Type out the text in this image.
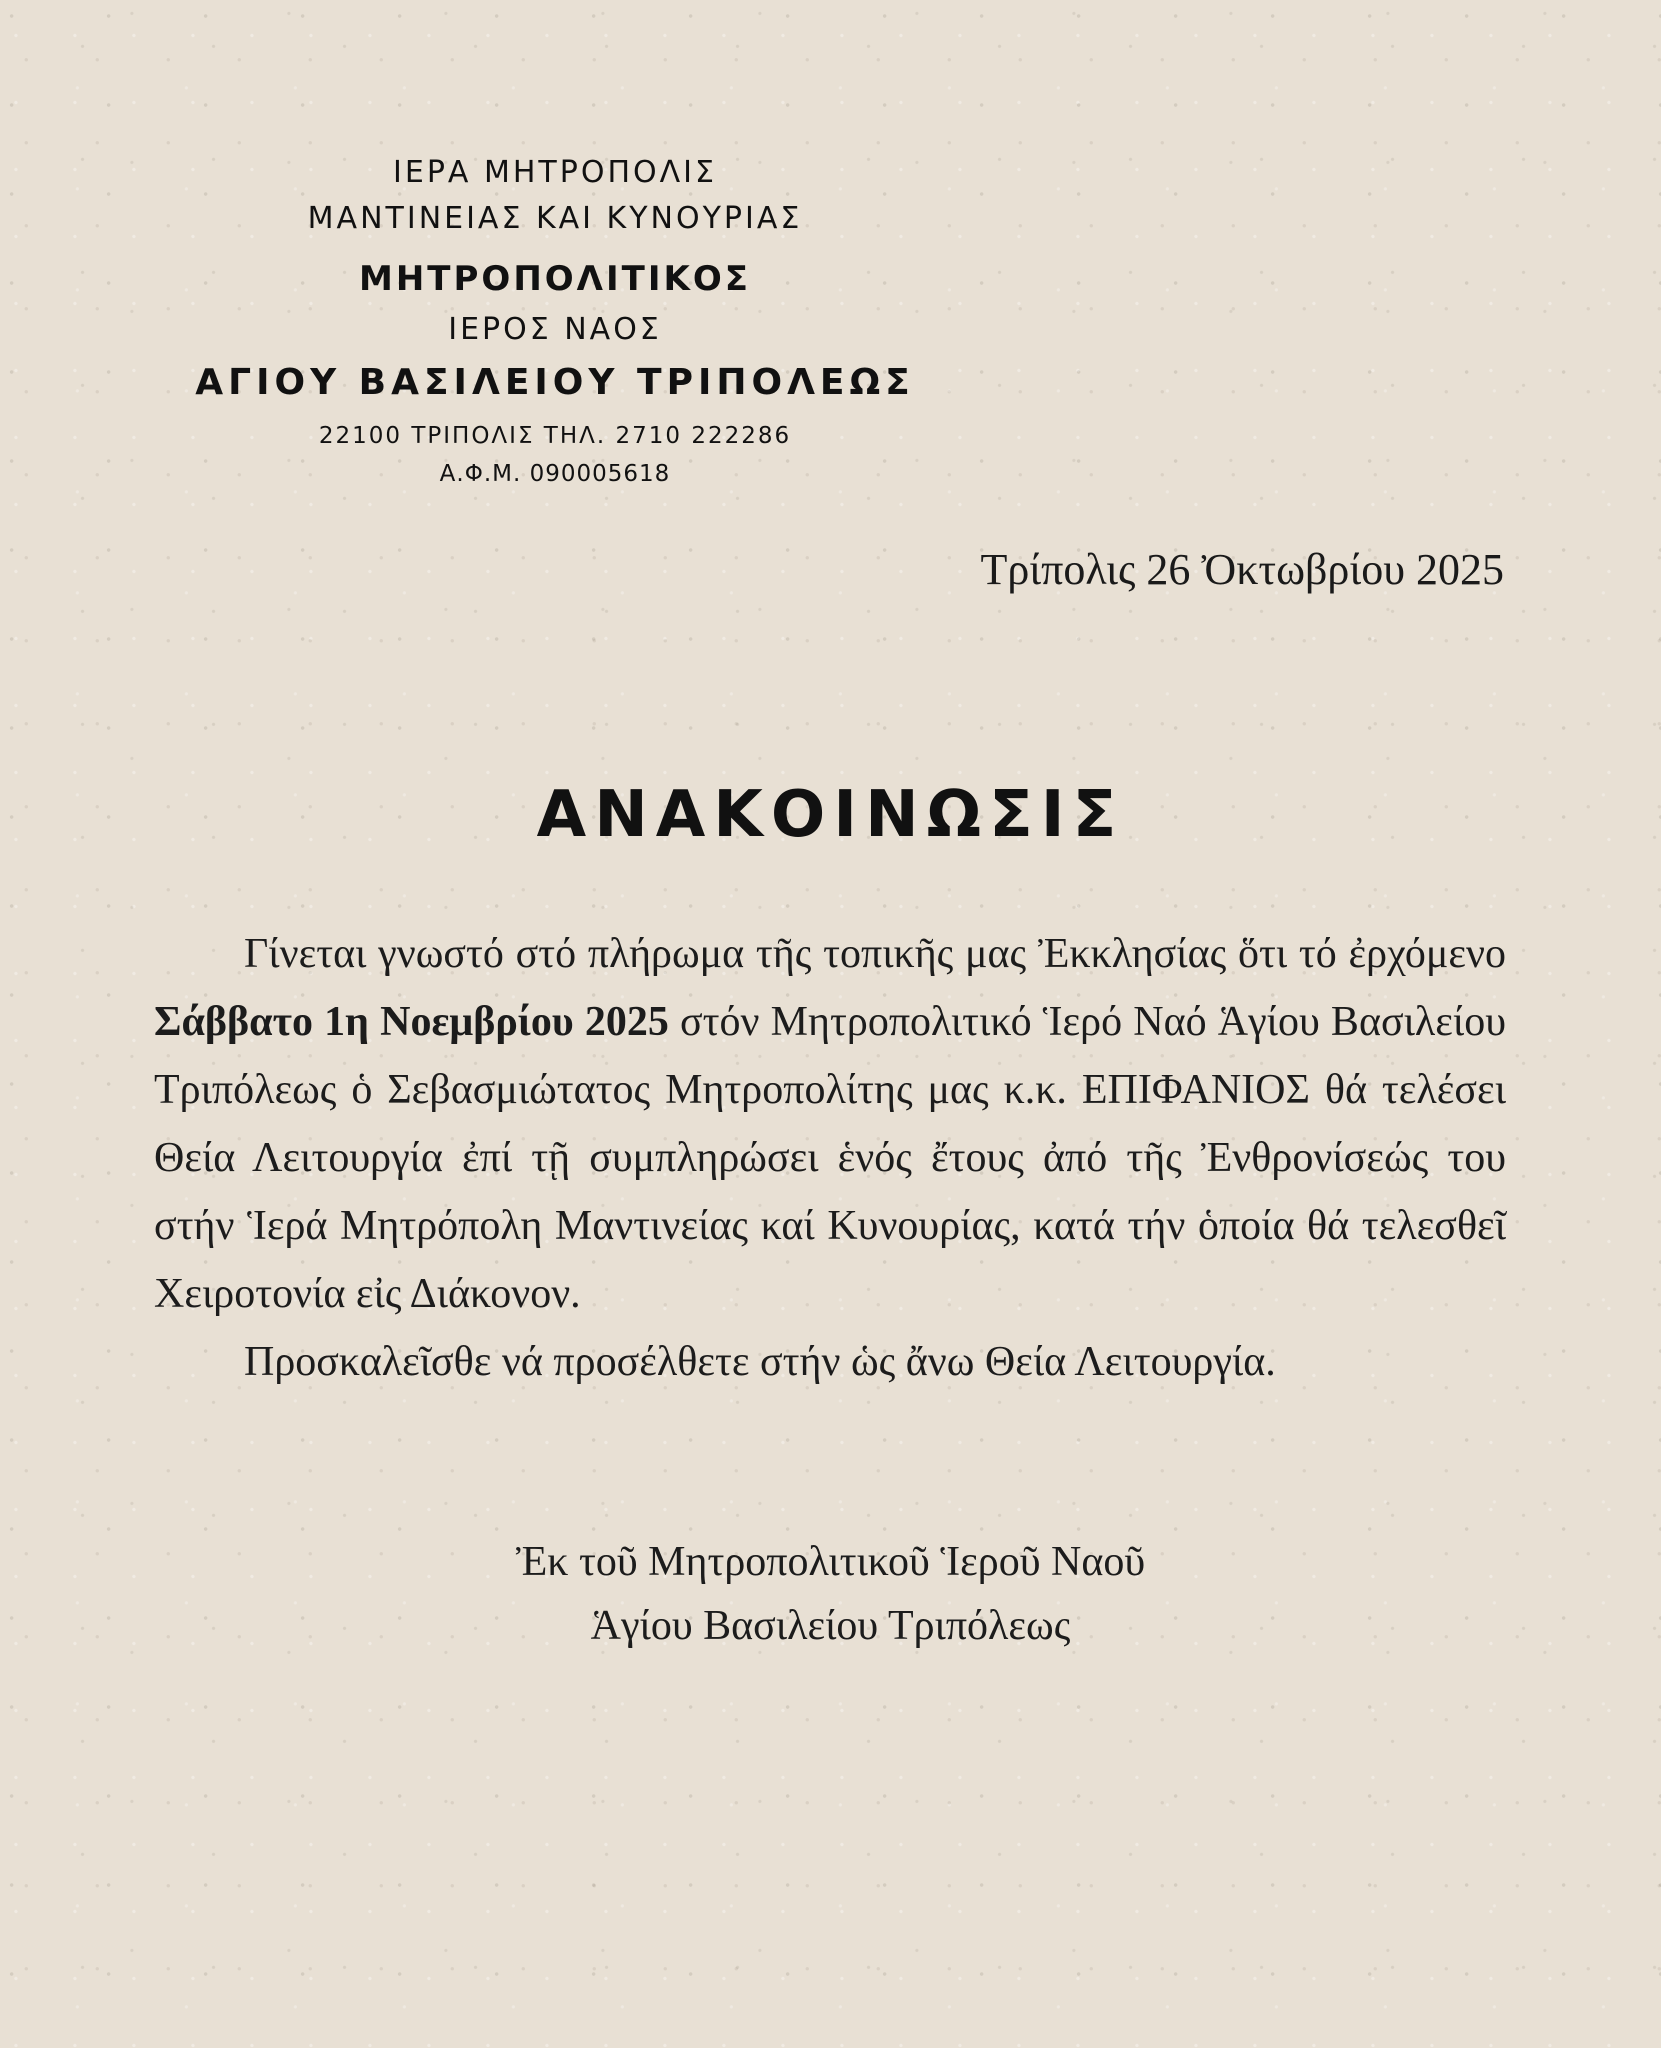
ΙΕΡΑ ΜΗΤΡΟΠΟΛΙΣ
ΜΑΝΤΙΝΕΙΑΣ ΚΑΙ ΚΥΝΟΥΡΙΑΣ
ΜΗΤΡΟΠΟΛΙΤΙΚΟΣ
ΙΕΡΟΣ ΝΑΟΣ
ΑΓΙΟΥ ΒΑΣΙΛΕΙΟΥ ΤΡΙΠΟΛΕΩΣ
22100 ΤΡΙΠΟΛΙΣ ΤΗΛ. 2710 222286
Α.Φ.Μ. 090005618
Τρίπολις 26 Ὀκτωβρίου 2025
ΑΝΑΚΟΙΝΩΣΙΣ

Γίνεται γνωστό στό πλήρωμα τῆς τοπικῆς μας Ἐκκλησίας ὅτι τό ἐρχόμενο Σάββατο 1η Νοεμβρίου 2025 στόν Μητροπολιτικό Ἱερό Ναό Ἁγίου Βασιλείου Τριπόλεως ὁ Σεβασμιώτατος Μητροπολίτης μας κ.κ. ΕΠΙΦΑΝΙΟΣ θά τελέσει Θεία Λειτουργία ἐπί τῇ συμπληρώσει ἑνός ἔτους ἀπό τῆς Ἐνθρονίσεώς του στήν Ἱερά Μητρόπολη Μαντινείας καί Κυνουρίας, κατά τήν ὁποία θά τελεσθεῖ Χειροτονία εἰς Διάκονον.

Προσκαλεῖσθε νά προσέλθετε στήν ὡς ἄνω Θεία Λειτουργία.

Ἐκ τοῦ Μητροπολιτικοῦ Ἱεροῦ Ναοῦ
Ἁγίου Βασιλείου Τριπόλεως
